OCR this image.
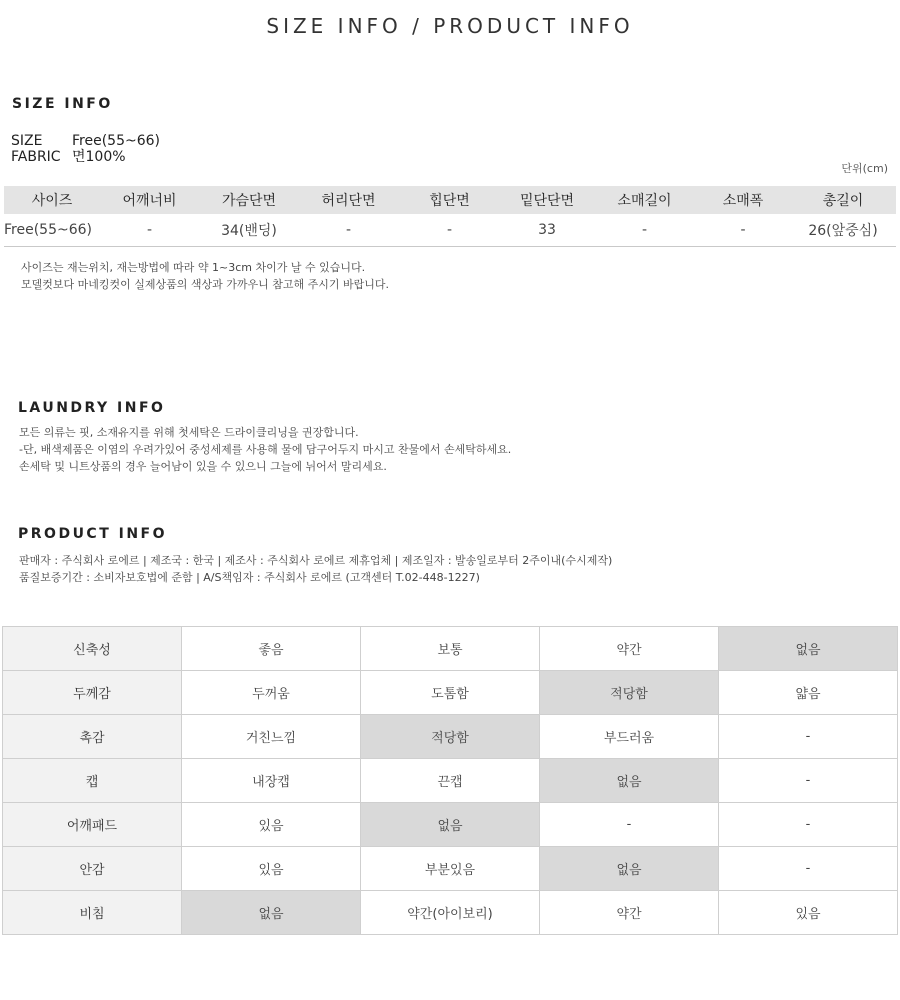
SIZE INFO / PRODUCT INFO
SIZE INFO
SIZE Free(55~66)
FABRIC 면100%
단위(cm)
사이즈	어깨너비	가슴단면	허리단면	힙단면	밑단단면	소매길이	소매폭	총길이
Free(55~66)	-	34(밴딩)	-	-	33	-	-	26(앞중심)
사이즈는 재는위치, 재는방법에 따라 약 1~3cm 차이가 날 수 있습니다.
모델컷보다 마네킹컷이 실제상품의 색상과 가까우니 참고해 주시기 바랍니다.
LAUNDRY INFO
모든 의류는 핏, 소재유지를 위해 첫세탁은 드라이클리닝을 권장합니다.
-단, 배색제품은 이염의 우려가있어 중성세제를 사용해 물에 담구어두지 마시고 찬물에서 손세탁하세요.
손세탁 및 니트상품의 경우 늘어남이 있을 수 있으니 그늘에 뉘어서 말리세요.
PRODUCT INFO
판매자 : 주식회사 로에르 | 제조국 : 한국 | 제조사 : 주식회사 로에르 제휴업체 | 제조일자 : 발송일로부터 2주이내(수시제작)
품질보증기간 : 소비자보호법에 준함 | A/S책임자 : 주식회사 로에르 (고객센터 T.02-448-1227)
신축성	좋음	보통	약간	없음
두께감	두꺼움	도톰함	적당함	얇음
촉감	거친느낌	적당함	부드러움	-
캡	내장캡	끈캡	없음	-
어깨패드	있음	없음	-	-
안감	있음	부분있음	없음	-
비침	없음	약간(아이보리)	약간	있음
